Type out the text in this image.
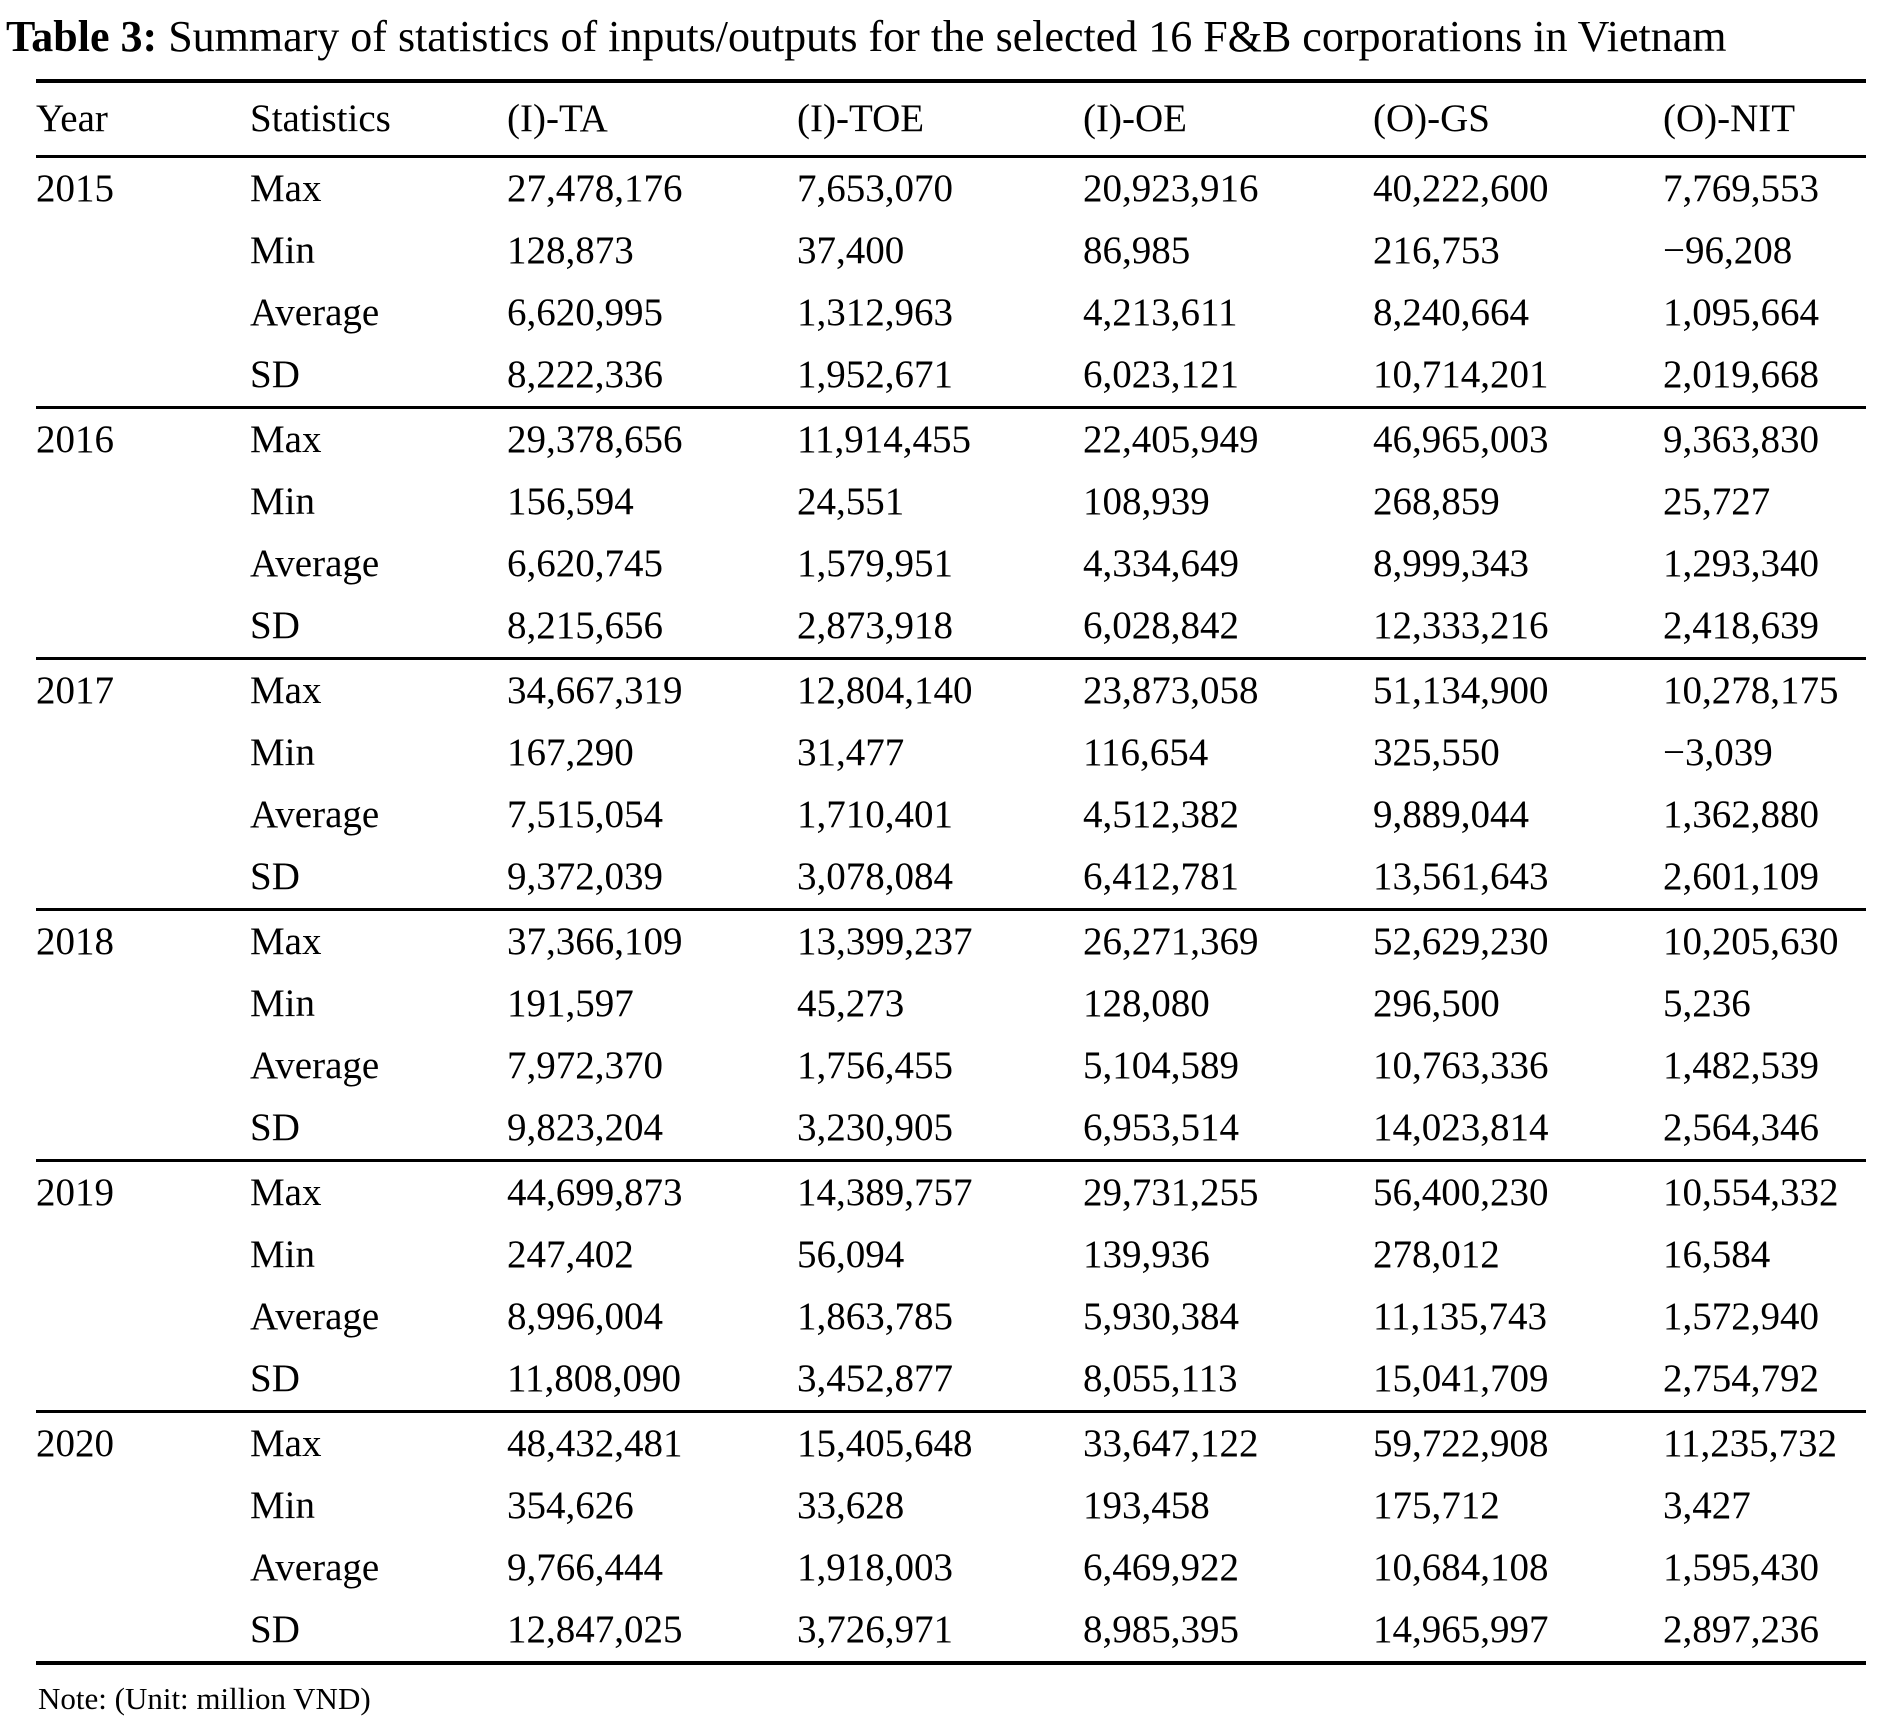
Table 3: Summary of statistics of inputs/outputs for the selected 16 F&B corporations in Vietnam
Year	Statistics	(I)-TA	(I)-TOE	(I)-OE	(O)-GS	(O)-NIT
2015	Max	27,478,176	7,653,070	20,923,916	40,222,600	7,769,553
	Min	128,873	37,400	86,985	216,753	−96,208
	Average	6,620,995	1,312,963	4,213,611	8,240,664	1,095,664
	SD	8,222,336	1,952,671	6,023,121	10,714,201	2,019,668
2016	Max	29,378,656	11,914,455	22,405,949	46,965,003	9,363,830
	Min	156,594	24,551	108,939	268,859	25,727
	Average	6,620,745	1,579,951	4,334,649	8,999,343	1,293,340
	SD	8,215,656	2,873,918	6,028,842	12,333,216	2,418,639
2017	Max	34,667,319	12,804,140	23,873,058	51,134,900	10,278,175
	Min	167,290	31,477	116,654	325,550	−3,039
	Average	7,515,054	1,710,401	4,512,382	9,889,044	1,362,880
	SD	9,372,039	3,078,084	6,412,781	13,561,643	2,601,109
2018	Max	37,366,109	13,399,237	26,271,369	52,629,230	10,205,630
	Min	191,597	45,273	128,080	296,500	5,236
	Average	7,972,370	1,756,455	5,104,589	10,763,336	1,482,539
	SD	9,823,204	3,230,905	6,953,514	14,023,814	2,564,346
2019	Max	44,699,873	14,389,757	29,731,255	56,400,230	10,554,332
	Min	247,402	56,094	139,936	278,012	16,584
	Average	8,996,004	1,863,785	5,930,384	11,135,743	1,572,940
	SD	11,808,090	3,452,877	8,055,113	15,041,709	2,754,792
2020	Max	48,432,481	15,405,648	33,647,122	59,722,908	11,235,732
	Min	354,626	33,628	193,458	175,712	3,427
	Average	9,766,444	1,918,003	6,469,922	10,684,108	1,595,430
	SD	12,847,025	3,726,971	8,985,395	14,965,997	2,897,236
Note: (Unit: million VND)
